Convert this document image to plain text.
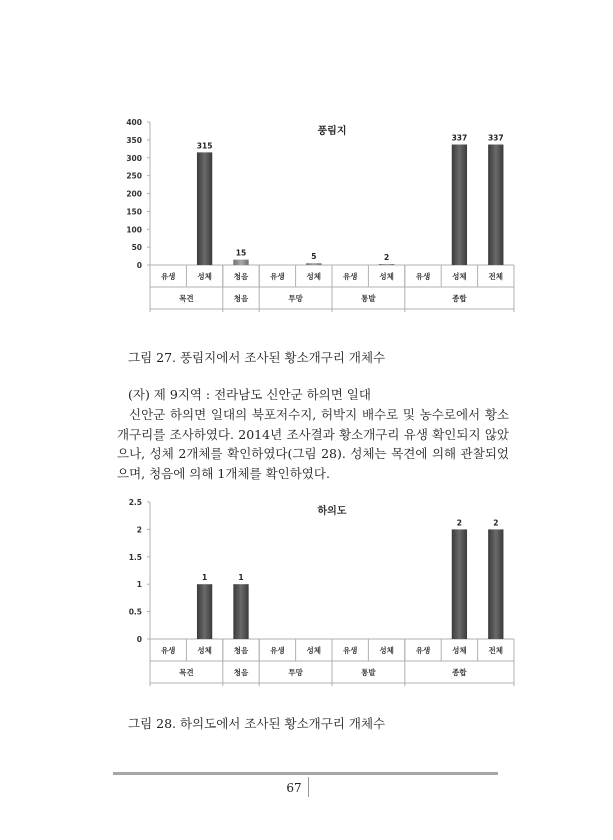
풍림지
0
50
100
150
200
250
300
350
400
유생	성체	청음	유생	성체	유생	성체	유생	성체	전체
목견	청음	투망	통발	종합
315
15	5	2
337	337
그림 27. 풍림지에서 조사된 황소개구리 개체수
(자) 제 9지역 : 전라남도 신안군 하의면 일대
신안군 하의면 일대의 북포저수지, 허박지 배수로 및 농수로에서 황소개구리를 조사하였다. 2014년 조사결과 황소개구리 유생 확인되지 않았으나, 성체 2개체를 확인하였다(그림 28). 성체는 목견에 의해 관찰되었으며, 청음에 의해 1개체를 확인하였다.
하의도
0
0.5
1
1.5
2
2.5
유생	성체	청음	유생	성체	유생	성체	유생	성체	전체
목견	청음	투망	통발	종합
1	1
2	2
그림 28. 하의도에서 조사된 황소개구리 개체수
67
